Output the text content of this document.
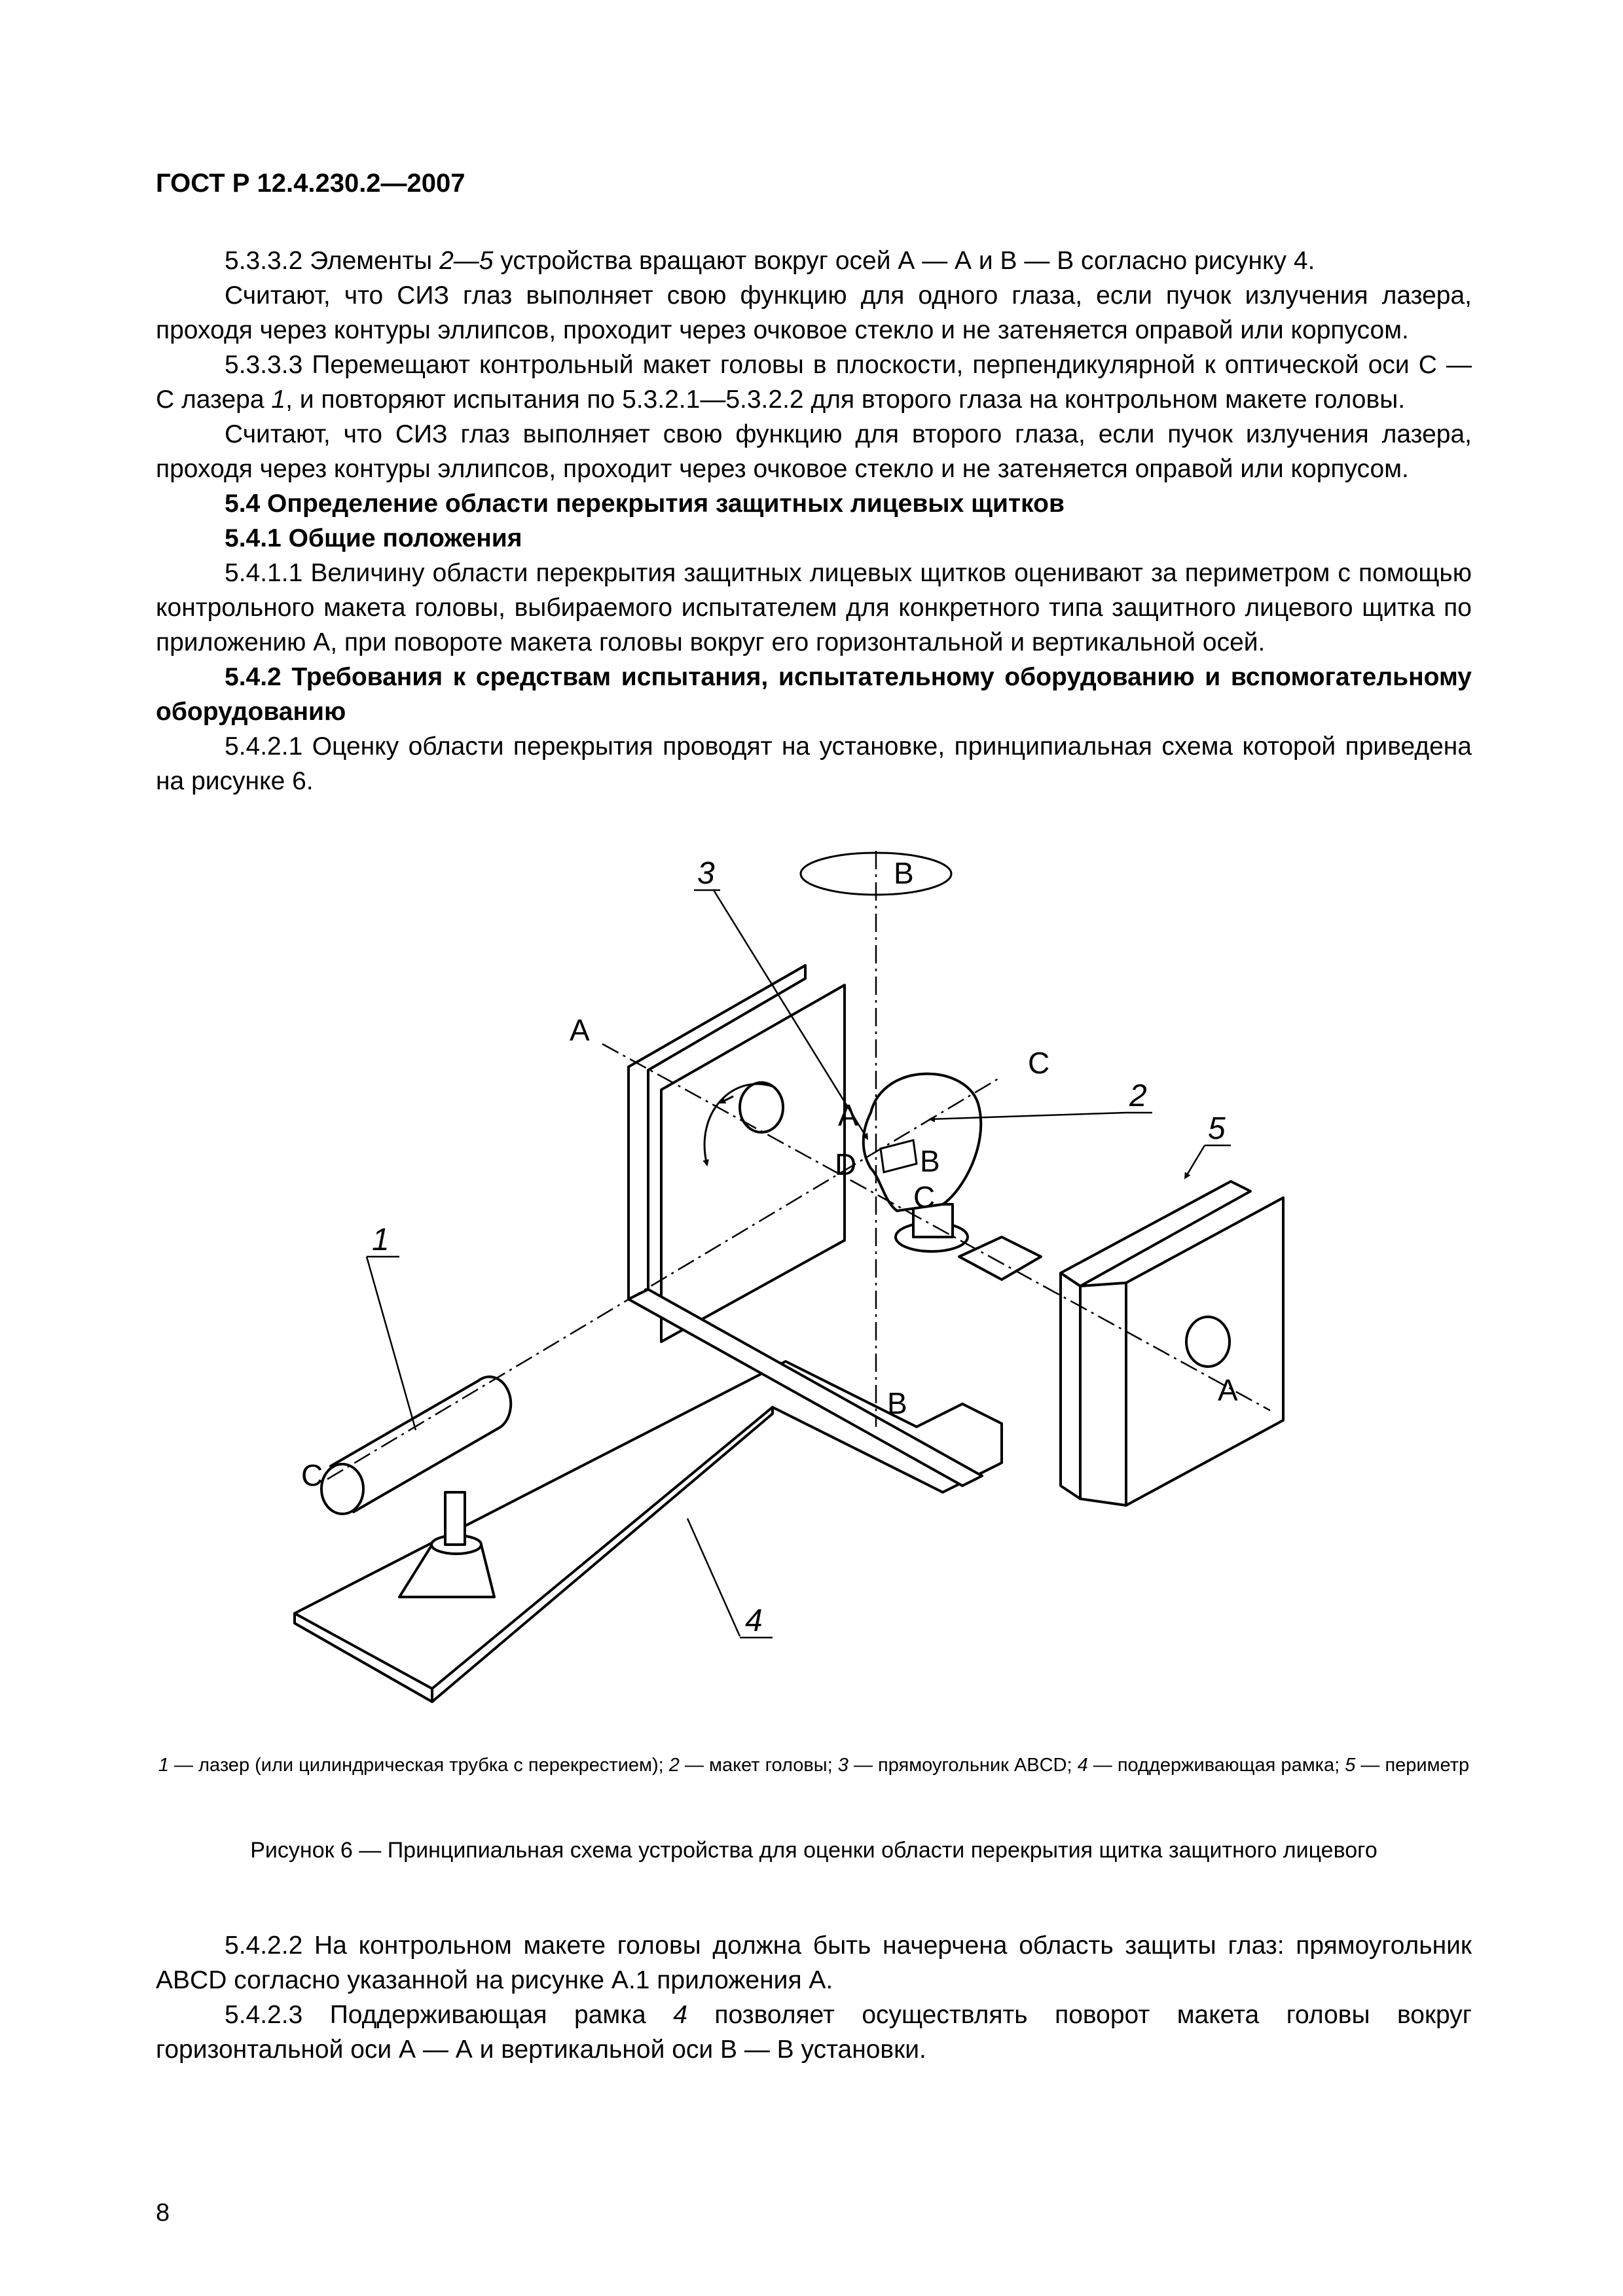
ГОСТ Р 12.4.230.2—2007

5.3.3.2 Элементы 2—5 устройства вращают вокруг осей А — А и В — В согласно рисунку 4.

Считают, что СИЗ глаз выполняет свою функцию для одного глаза, если пучок излучения лазера, проходя через контуры эллипсов, проходит через очковое стекло и не затеняется оправой или корпусом.

5.3.3.3 Перемещают контрольный макет головы в плоскости, перпендикулярной к оптической оси С — С лазера 1, и повторяют испытания по 5.3.2.1—5.3.2.2 для второго глаза на контрольном макете головы.

Считают, что СИЗ глаз выполняет свою функцию для второго глаза, если пучок излучения лазера, проходя через контуры эллипсов, проходит через очковое стекло и не затеняется оправой или корпусом.

5.4 Определение области перекрытия защитных лицевых щитков

5.4.1 Общие положения

5.4.1.1 Величину области перекрытия защитных лицевых щитков оценивают за периметром с помощью контрольного макета головы, выбираемого испытателем для конкретного типа защитного лицевого щитка по приложению А, при повороте макета головы вокруг его горизонтальной и вертикальной осей.

5.4.2 Требования к средствам испытания, испытательному оборудованию и вспомогательному оборудованию

5.4.2.1 Оценку области перекрытия проводят на установке, принципиальная схема которой приведена на рисунке 6.

В
В
А
А
С
С
А
В
С
D
1
2
3
4
5
1 — лазер (или цилиндрическая трубка с перекрестием); 2 — макет головы; 3 — прямоугольник ABCD; 4 — поддерживающая рамка; 5 — периметр
Рисунок 6 — Принципиальная схема устройства для оценки области перекрытия щитка защитного лицевого

5.4.2.2 На контрольном макете головы должна быть начерчена область защиты глаз: прямоугольник ABCD согласно указанной на рисунке А.1 приложения А.

5.4.2.3 Поддерживающая рамка 4 позволяет осуществлять поворот макета головы вокруг горизонтальной оси А — А и вертикальной оси В — В установки.

8
